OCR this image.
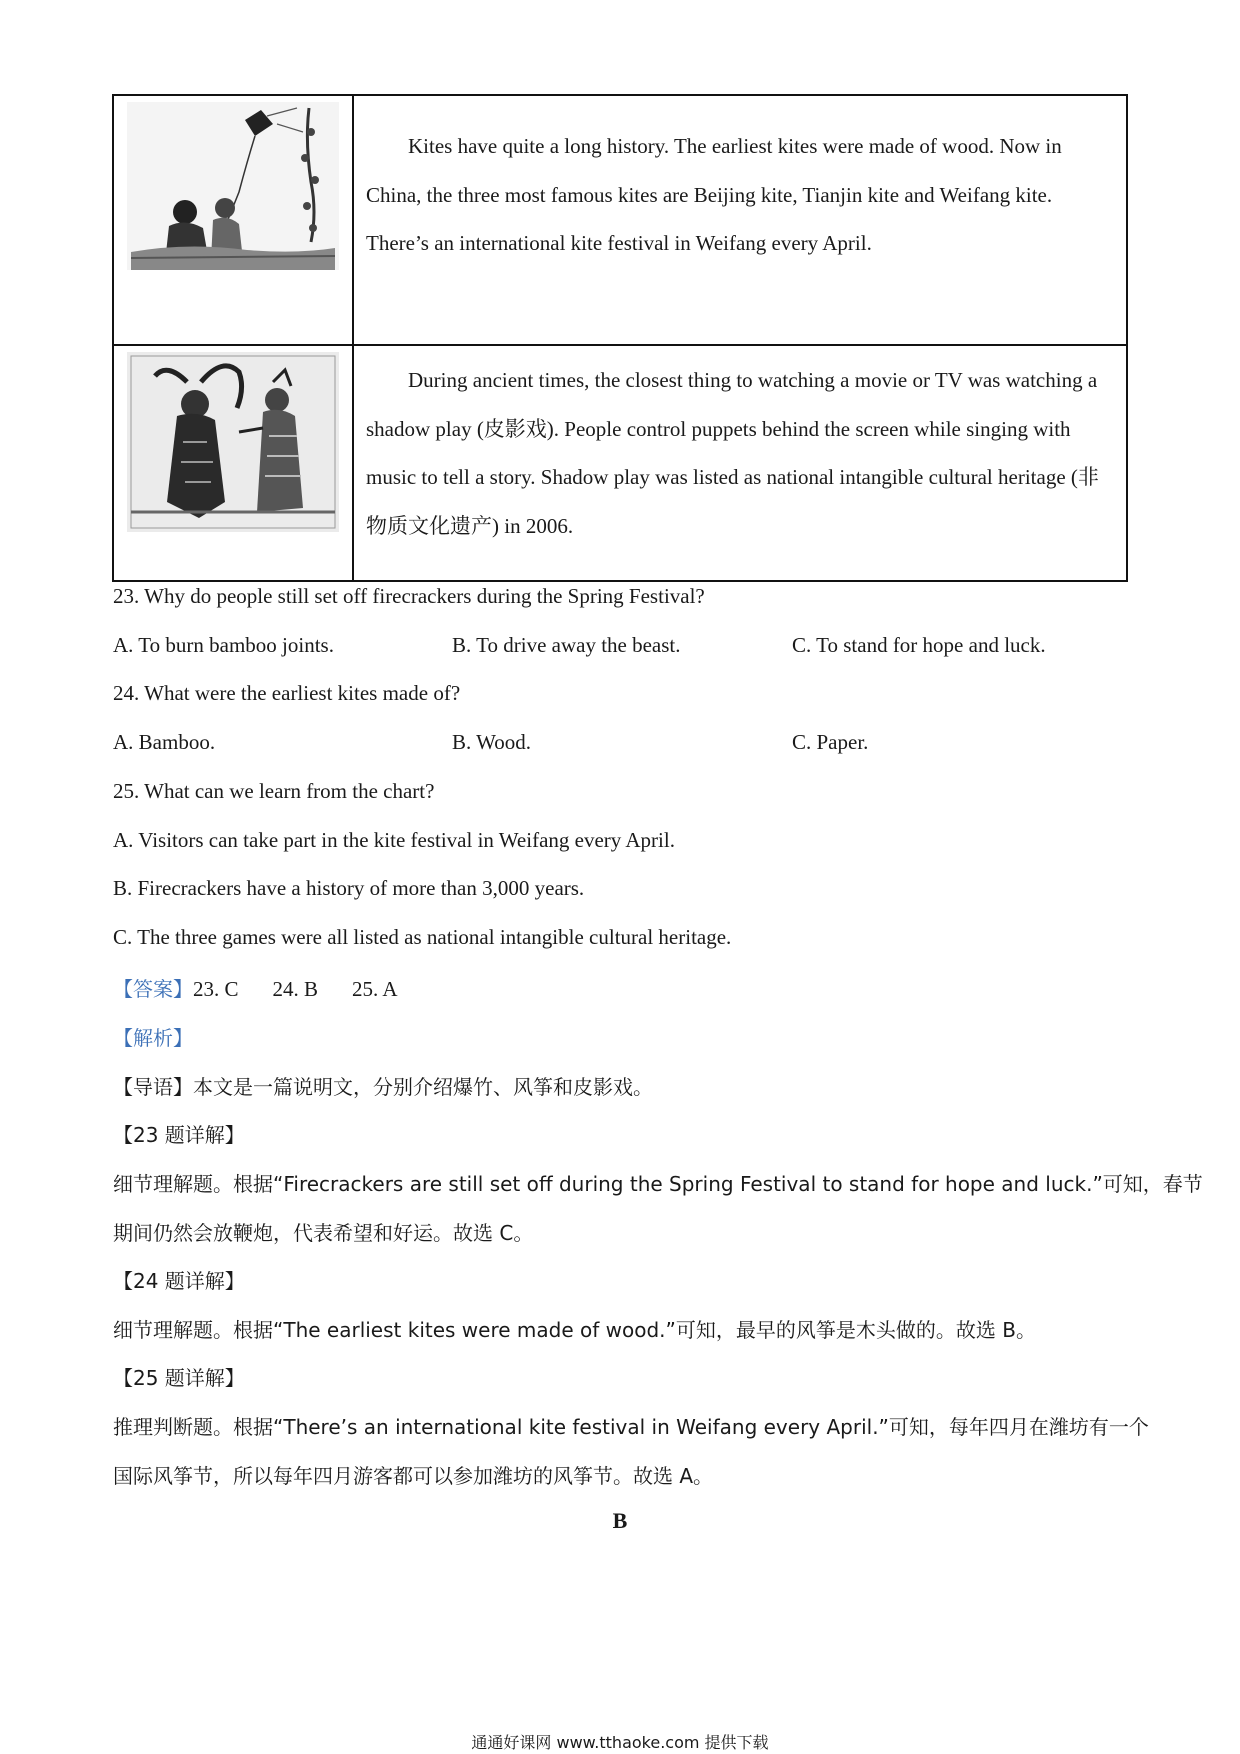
Kites have quite a long history. The earliest kites were made of wood. Now in China, the three most famous kites are Beijing kite, Tianjin kite and Weifang kite. There’s an international kite festival in Weifang every April.

During ancient times, the closest thing to watching a movie or TV was watching a shadow play (皮影戏). People control puppets behind the screen while singing with music to tell a story. Shadow play was listed as national intangible cultural heritage (非物质文化遗产) in 2006.

23. Why do people still set off firecrackers during the Spring Festival?
A. To burn bamboo joints.	B. To drive away the beast.	C. To stand for hope and luck.
24. What were the earliest kites made of?
A. Bamboo.	B. Wood.	C. Paper.
25. What can we learn from the chart?
A. Visitors can take part in the kite festival in Weifang every April.
B. Firecrackers have a history of more than 3,000 years.
C. The three games were all listed as national intangible cultural heritage.
【答案】23. C 24. B 25. A
【解析】
【导语】本文是一篇说明文，分别介绍爆竹、风筝和皮影戏。
【23 题详解】
细节理解题。根据“Firecrackers are still set off during the Spring Festival to stand for hope and luck.”可知，春节
期间仍然会放鞭炮，代表希望和好运。故选 C。
【24 题详解】
细节理解题。根据“The earliest kites were made of wood.”可知，最早的风筝是木头做的。故选 B。
【25 题详解】
推理判断题。根据“There’s an international kite festival in Weifang every April.”可知，每年四月在潍坊有一个
国际风筝节，所以每年四月游客都可以参加潍坊的风筝节。故选 A。
B
通通好课网 www.tthaoke.com 提供下载
